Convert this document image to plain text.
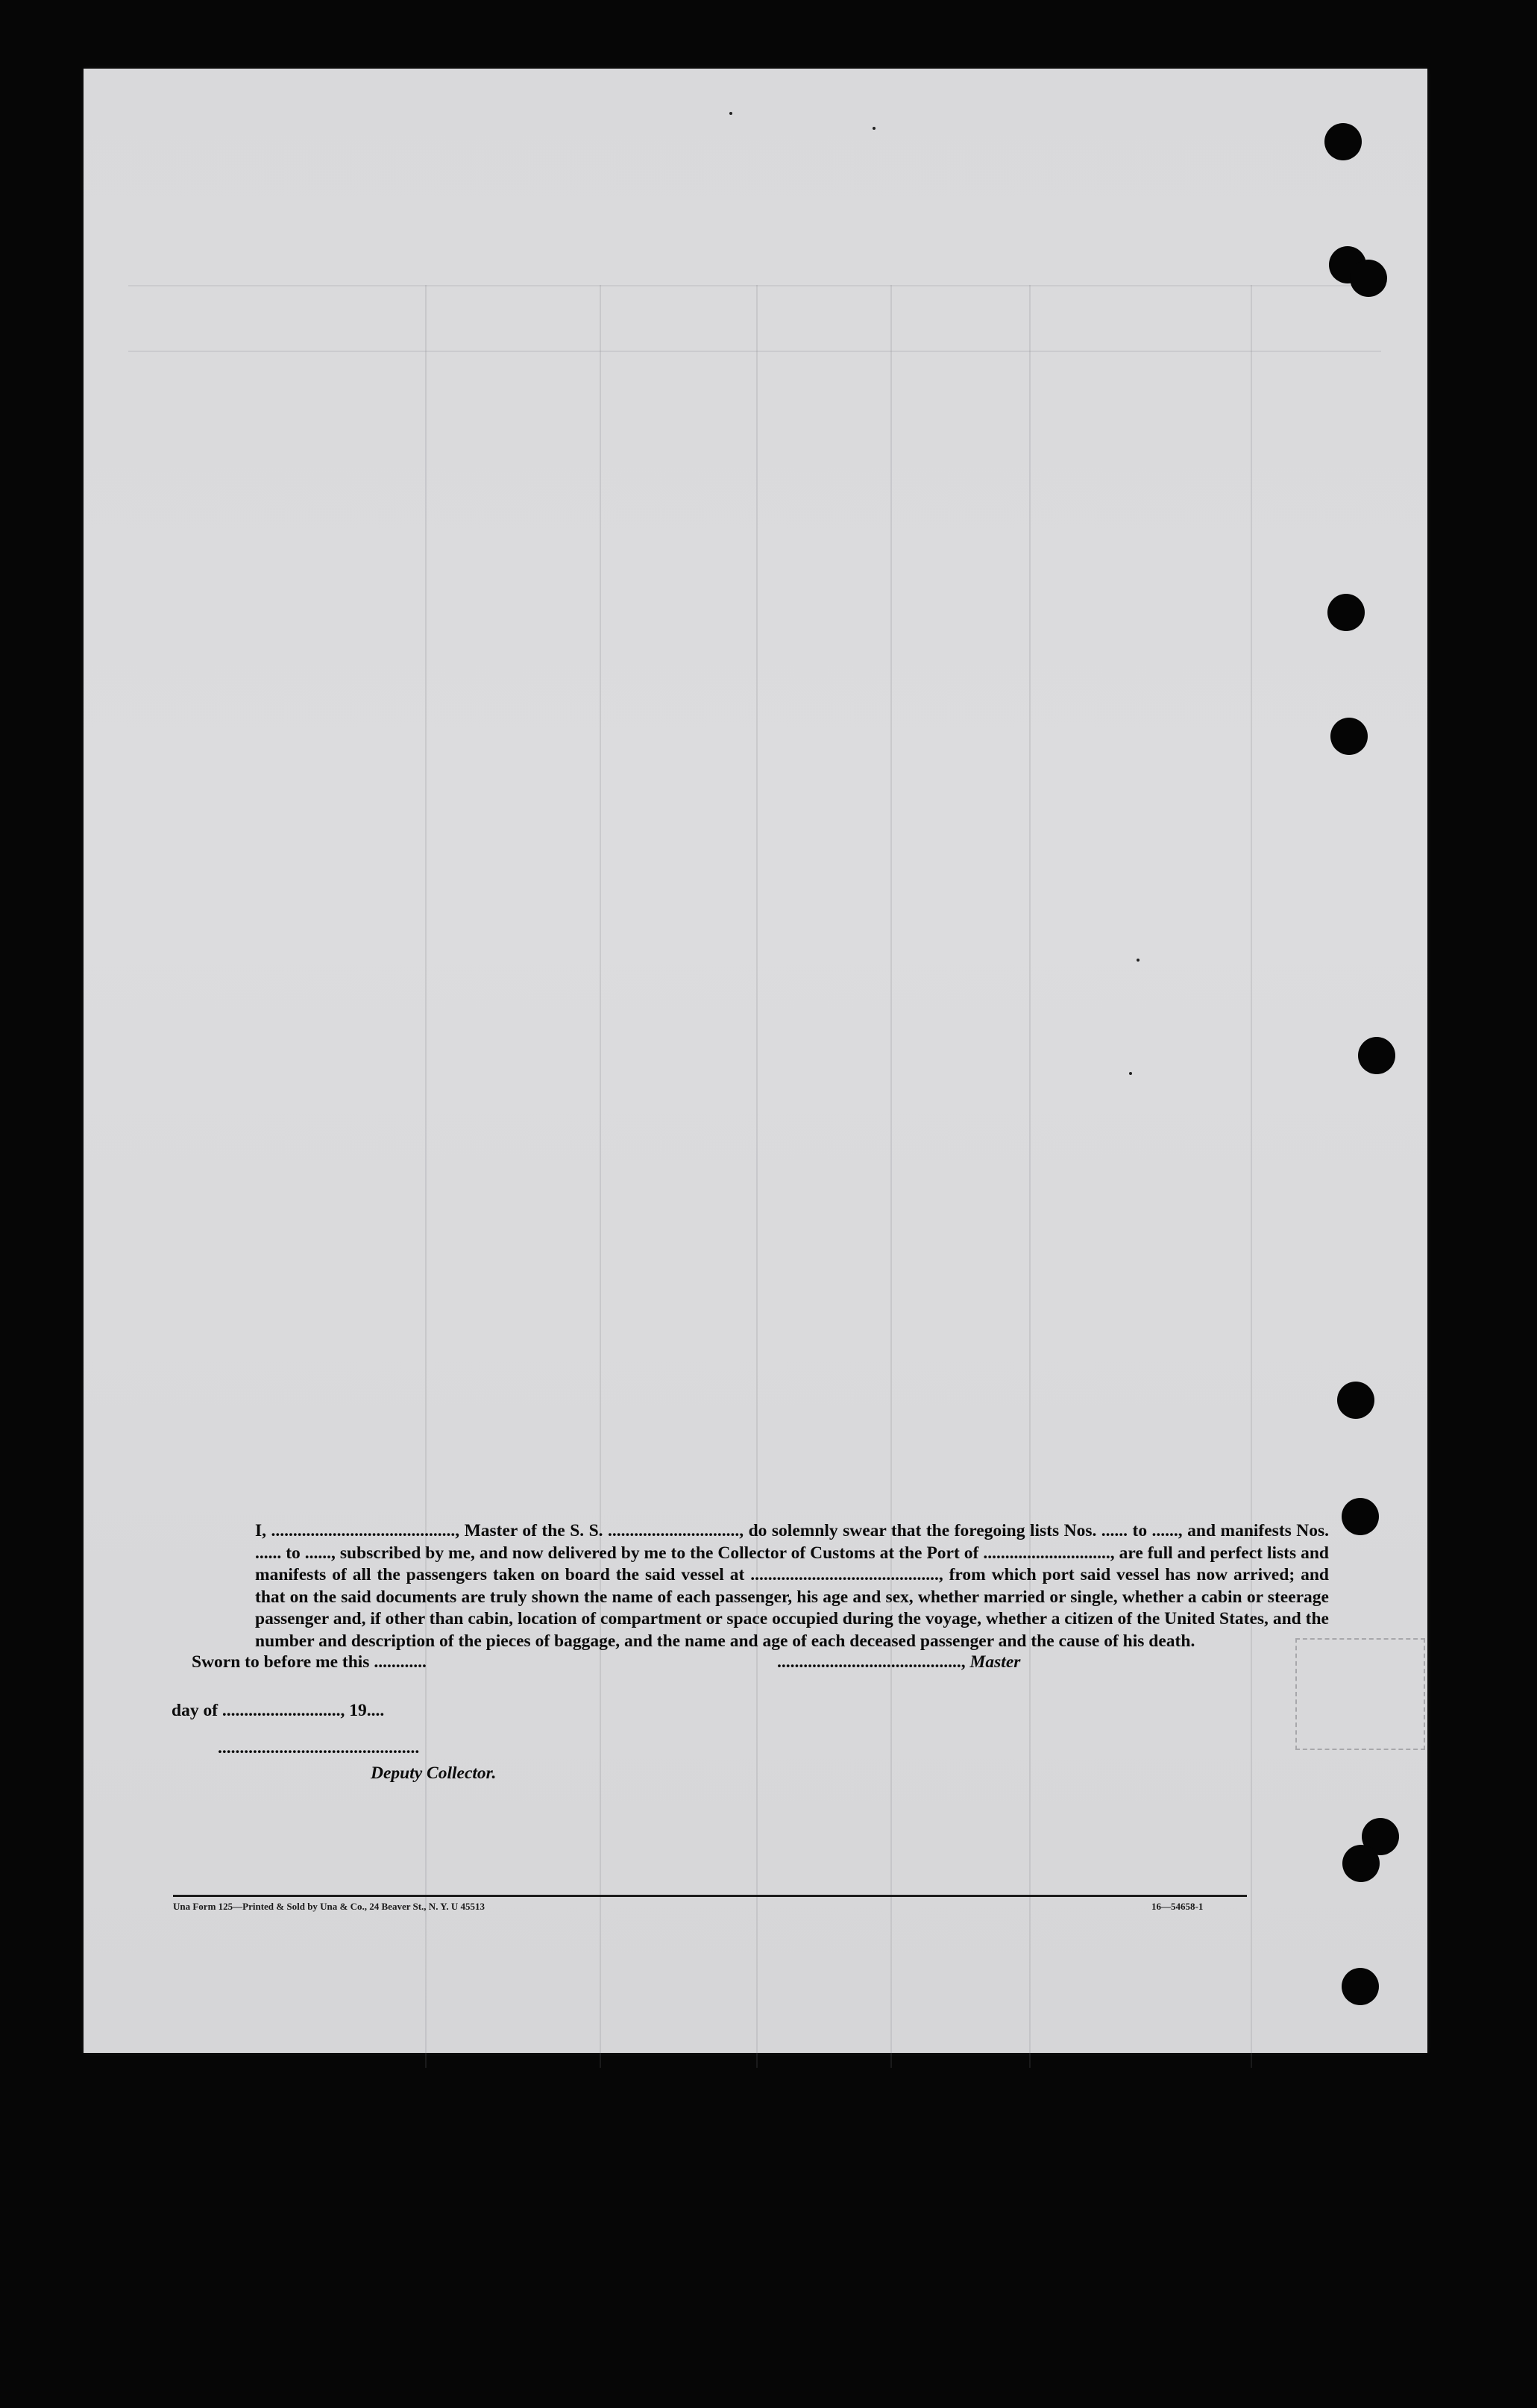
I, .........................................., Master of the S. S. .............................., do solemnly swear that the foregoing lists Nos. ...... to ......, and manifests Nos. ...... to ......, subscribed by me, and now delivered by me to the Collector of Customs at the Port of ............................., are full and perfect lists and manifests of all the passengers taken on board the said vessel at ..........................................., from which port said vessel has now arrived; and that on the said documents are truly shown the name of each passenger, his age and sex, whether married or single, whether a cabin or steerage passenger and, if other than cabin, location of compartment or space occupied during the voyage, whether a citizen of the United States, and the number and description of the pieces of baggage, and the name and age of each deceased passenger and the cause of his death.
Sworn to before me this ............	.........................................., Master
day of ..........................., 19....
..............................................
Deputy Collector.
Una Form 125—Printed & Sold by Una & Co., 24 Beaver St., N. Y. U 45513	16—54658-1
